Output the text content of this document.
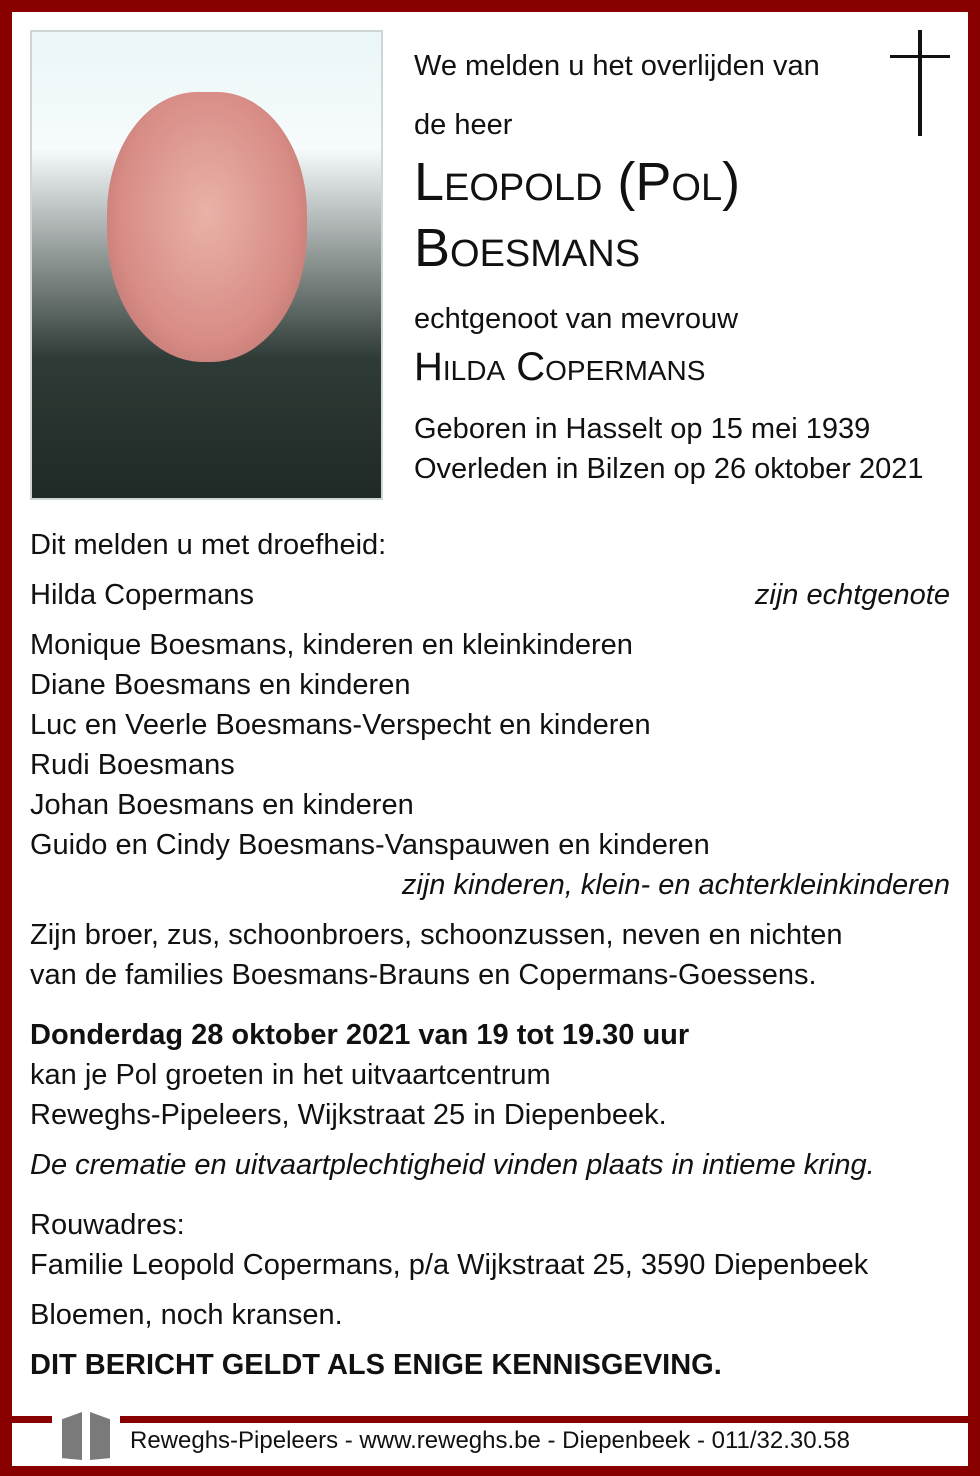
We melden u het overlijden van
de heer
Leopold (Pol)
Boesmans
echtgenoot van mevrouw
Hilda Copermans
Geboren in Hasselt op 15 mei 1939
Overleden in Bilzen op 26 oktober 2021
Dit melden u met droefheid:
Hilda Copermans	zijn echtgenote
Monique Boesmans, kinderen en kleinkinderen
Diane Boesmans en kinderen
Luc en Veerle Boesmans-Verspecht en kinderen
Rudi Boesmans
Johan Boesmans en kinderen
Guido en Cindy Boesmans-Vanspauwen en kinderen
zijn kinderen, klein- en achterkleinkinderen
Zijn broer, zus, schoonbroers, schoonzussen, neven en nichten
van de families Boesmans-Brauns en Copermans-Goessens.
Donderdag 28 oktober 2021 van 19 tot 19.30 uur
kan je Pol groeten in het uitvaartcentrum
Reweghs-Pipeleers, Wijkstraat 25 in Diepenbeek.
De crematie en uitvaartplechtigheid vinden plaats in intieme kring.
Rouwadres:
Familie Leopold Copermans, p/a Wijkstraat 25, 3590 Diepenbeek
Bloemen, noch kransen.
DIT BERICHT GELDT ALS ENIGE KENNISGEVING.
Reweghs-Pipeleers - www.reweghs.be - Diepenbeek - 011/32.30.58
